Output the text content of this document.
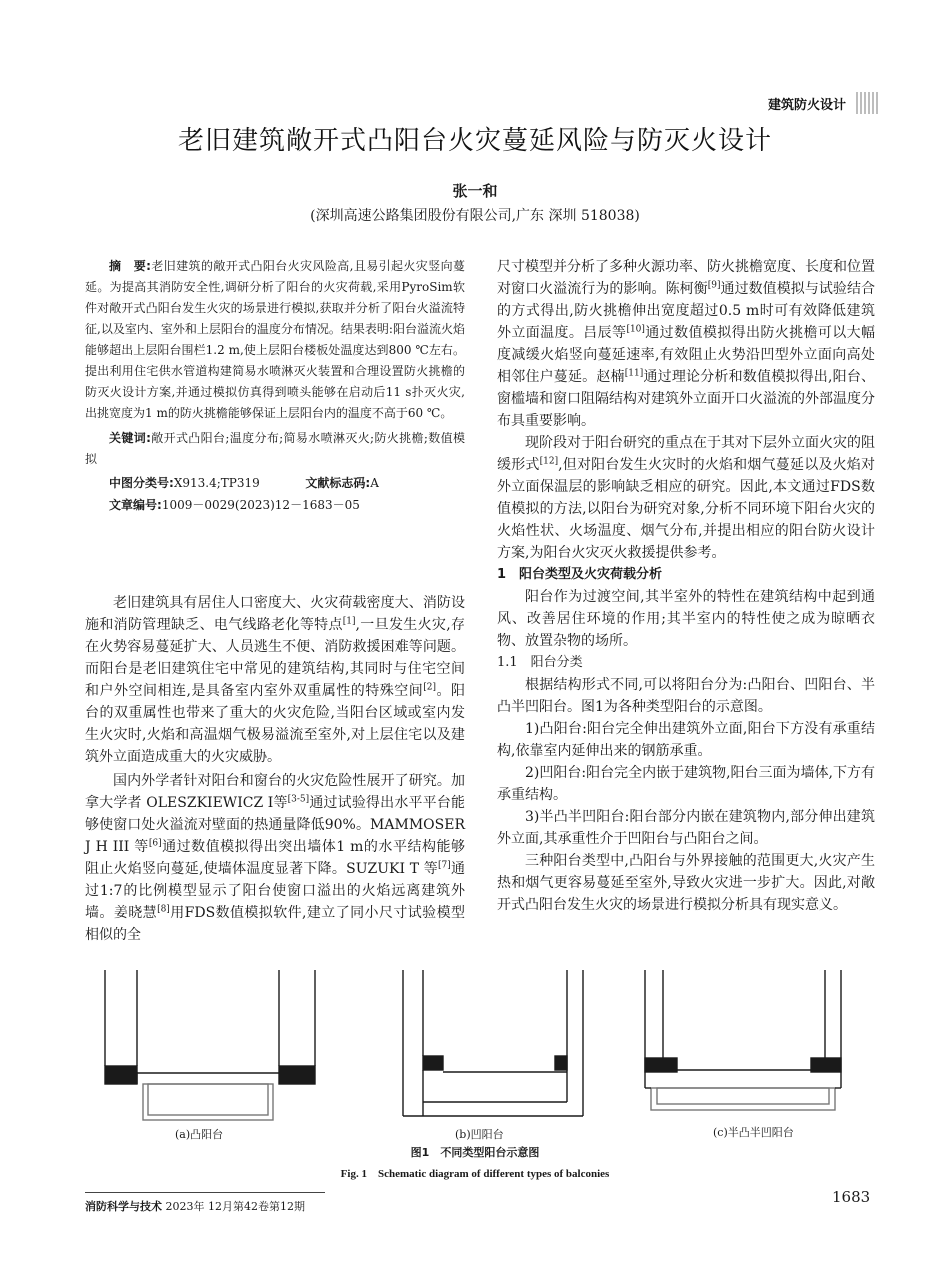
建筑防火设计
老旧建筑敞开式凸阳台火灾蔓延风险与防灭火设计
张一和
(深圳高速公路集团股份有限公司,广东 深圳 518038)
摘　要:老旧建筑的敞开式凸阳台火灾风险高,且易引起火灾竖向蔓延。为提高其消防安全性,调研分析了阳台的火灾荷载,采用PyroSim软件对敞开式凸阳台发生火灾的场景进行模拟,获取并分析了阳台火溢流特征,以及室内、室外和上层阳台的温度分布情况。结果表明:阳台溢流火焰能够超出上层阳台围栏1.2 m,使上层阳台楼板处温度达到800 ℃左右。提出利用住宅供水管道构建简易水喷淋灭火装置和合理设置防火挑檐的防灭火设计方案,并通过模拟仿真得到喷头能够在启动后11 s扑灭火灾,出挑宽度为1 m的防火挑檐能够保证上层阳台内的温度不高于60 ℃。
关键词:敞开式凸阳台;温度分布;简易水喷淋灭火;防火挑檐;数值模拟
中图分类号:X913.4;TP319	文献标志码:A
文章编号:1009－0029(2023)12－1683－05

老旧建筑具有居住人口密度大、火灾荷载密度大、消防设施和消防管理缺乏、电气线路老化等特点[1],一旦发生火灾,存在火势容易蔓延扩大、人员逃生不便、消防救援困难等问题。而阳台是老旧建筑住宅中常见的建筑结构,其同时与住宅空间和户外空间相连,是具备室内室外双重属性的特殊空间[2]。阳台的双重属性也带来了重大的火灾危险,当阳台区域或室内发生火灾时,火焰和高温烟气极易溢流至室外,对上层住宅以及建筑外立面造成重大的火灾威胁。

国内外学者针对阳台和窗台的火灾危险性展开了研究。加拿大学者 OLESZKIEWICZ I等[3-5]通过试验得出水平平台能够使窗口处火溢流对壁面的热通量降低90%。MAMMOSER J H III 等[6]通过数值模拟得出突出墙体1 m的水平结构能够阻止火焰竖向蔓延,使墙体温度显著下降。SUZUKI T 等[7]通过1:7的比例模型显示了阳台使窗口溢出的火焰远离建筑外墙。姜晓慧[8]用FDS数值模拟软件,建立了同小尺寸试验模型相似的全

尺寸模型并分析了多种火源功率、防火挑檐宽度、长度和位置对窗口火溢流行为的影响。陈柯衡[9]通过数值模拟与试验结合的方式得出,防火挑檐伸出宽度超过0.5 m时可有效降低建筑外立面温度。吕辰等[10]通过数值模拟得出防火挑檐可以大幅度减缓火焰竖向蔓延速率,有效阻止火势沿凹型外立面向高处相邻住户蔓延。赵楠[11]通过理论分析和数值模拟得出,阳台、窗槛墙和窗口阻隔结构对建筑外立面开口火溢流的外部温度分布具重要影响。

现阶段对于阳台研究的重点在于其对下层外立面火灾的阻缓形式[12],但对阳台发生火灾时的火焰和烟气蔓延以及火焰对外立面保温层的影响缺乏相应的研究。因此,本文通过FDS数值模拟的方法,以阳台为研究对象,分析不同环境下阳台火灾的火焰性状、火场温度、烟气分布,并提出相应的阳台防火设计方案,为阳台火灾灭火救援提供参考。

1　阳台类型及火灾荷载分析

阳台作为过渡空间,其半室外的特性在建筑结构中起到通风、改善居住环境的作用;其半室内的特性使之成为晾晒衣物、放置杂物的场所。

1.1　阳台分类

根据结构形式不同,可以将阳台分为:凸阳台、凹阳台、半凸半凹阳台。图1为各种类型阳台的示意图。

1)凸阳台:阳台完全伸出建筑外立面,阳台下方没有承重结构,依靠室内延伸出来的钢筋承重。

2)凹阳台:阳台完全内嵌于建筑物,阳台三面为墙体,下方有承重结构。

3)半凸半凹阳台:阳台部分内嵌在建筑物内,部分伸出建筑外立面,其承重性介于凹阳台与凸阳台之间。

三种阳台类型中,凸阳台与外界接触的范围更大,火灾产生热和烟气更容易蔓延至室外,导致火灾进一步扩大。因此,对敞开式凸阳台发生火灾的场景进行模拟分析具有现实意义。

(a)凸阳台	(b)凹阳台	(c)半凸半凹阳台
图1　不同类型阳台示意图
Fig. 1　Schematic diagram of different types of balconies
消防科学与技术 2023年 12月第42卷第12期
1683
